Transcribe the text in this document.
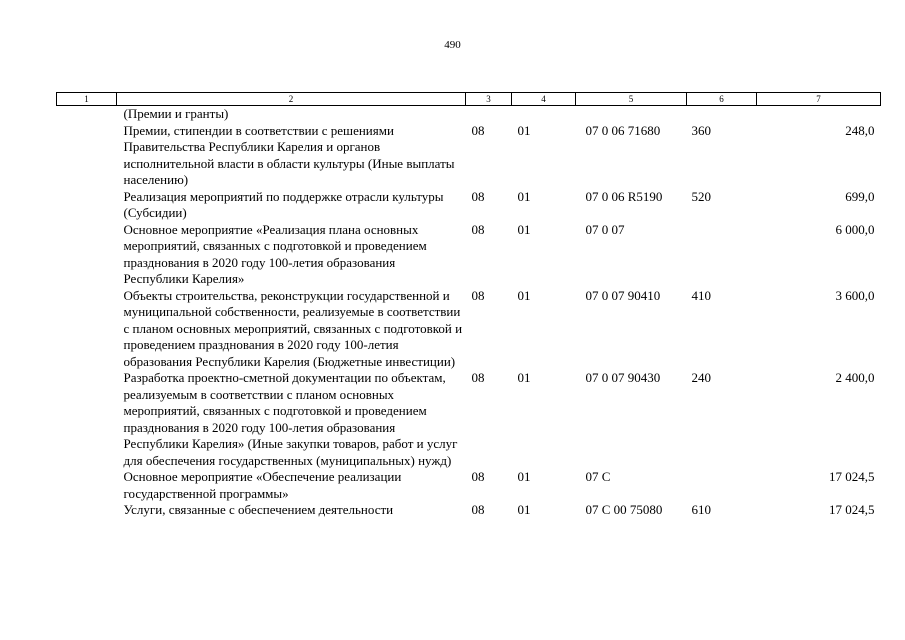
490
1	2	3	4	5	6	7
	(Премии и гранты)					
	Премии, стипендии в соответствии с решениями Правительства Республики Карелия и органов исполнительной власти в области культуры (Иные выплаты населению)	08	01	07 0 06 71680	360	248,0
	Реализация мероприятий по поддержке отрасли культуры (Субсидии)	08	01	07 0 06 R5190	520	699,0
	Основное мероприятие «Реализация плана основных мероприятий, связанных с подготовкой и проведением празднования в 2020 году 100-летия образования Республики Карелия»	08	01	07 0 07		6 000,0
	Объекты строительства, реконструкции государственной и муниципальной собственности, реализуемые в соответствии с планом основных мероприятий, связанных с подготовкой и проведением празднования в 2020 году 100-летия образования Республики Карелия (Бюджетные инвестиции)	08	01	07 0 07 90410	410	3 600,0
	Разработка проектно-сметной документации по объектам, реализуемым в соответствии с планом основных мероприятий, связанных с подготовкой и проведением празднования в 2020 году 100-летия образования Республики Карелия» (Иные закупки товаров, работ и услуг для обеспечения государственных (муниципальных) нужд)	08	01	07 0 07 90430	240	2 400,0
	Основное мероприятие «Обеспечение реализации государственной программы»	08	01	07 С		17 024,5
	Услуги, связанные с обеспечением деятельности	08	01	07 С 00 75080	610	17 024,5
